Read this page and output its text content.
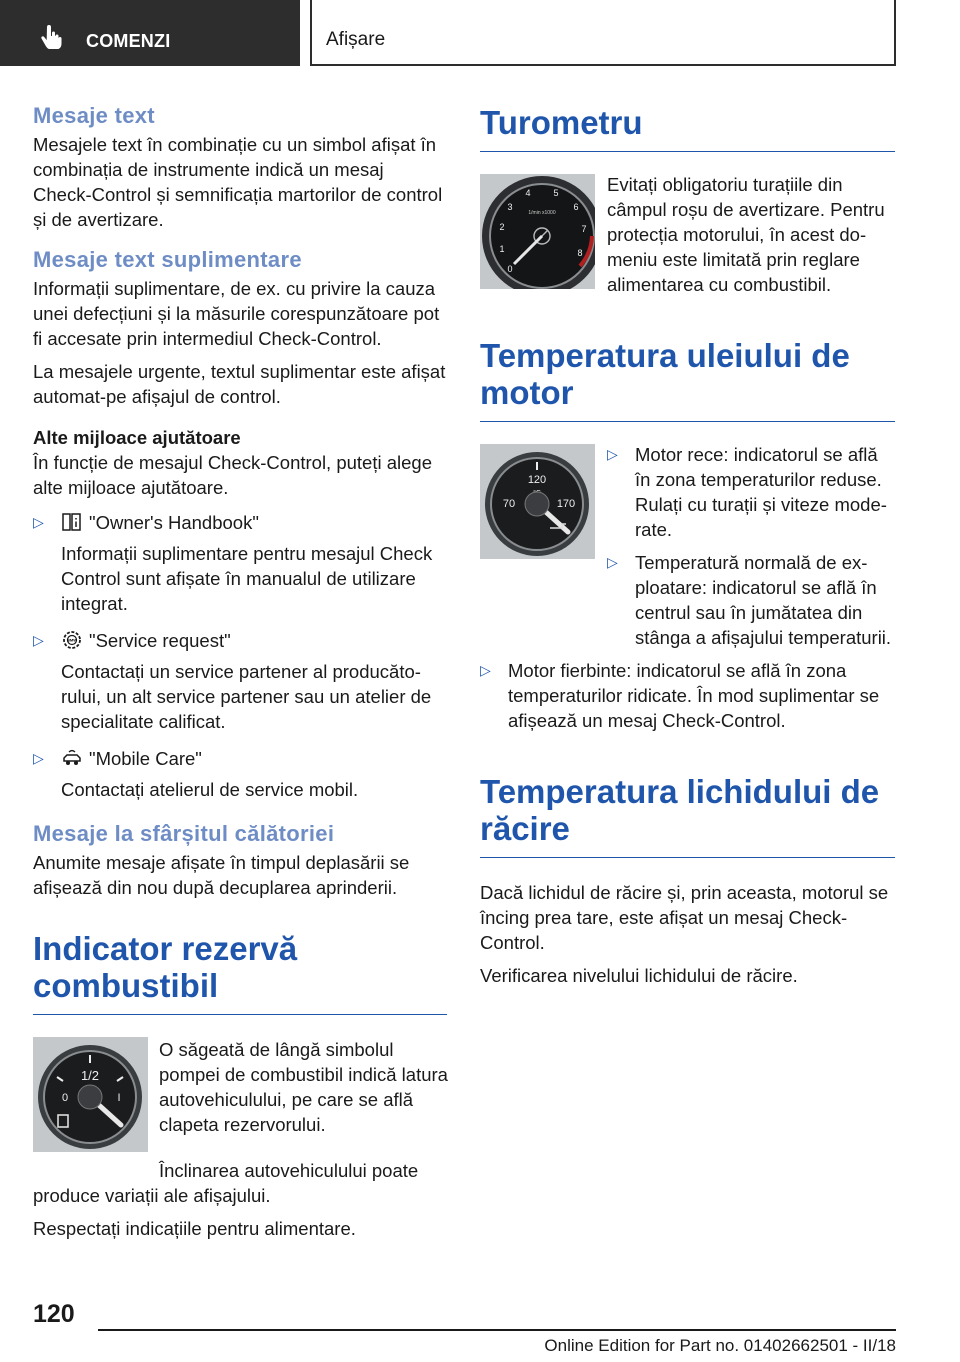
COMENZI	Afișare
Mesaje text

Mesajele text în combinație cu un simbol afișat în combinația de instrumente indică un mesaj Check-Control și semnificația martorilor de control și de avertizare.

Mesaje text suplimentare

Informații suplimentare, de ex. cu privire la cauza unei defecțiuni și la măsurile corespunzătoare pot fi accesate prin intermediul Check-Control.

La mesajele urgente, textul suplimentar este afișat automat-pe afișajul de control.

Alte mijloace ajutătoare

În funcție de mesajul Check-Control, puteți alege alte mijloace ajutătoare.

▷ "Owner's Handbook"
Informații suplimentare pentru mesajul Check Control sunt afișate în manualul de utilizare integrat.
▷	BMW "Service request"
Contactați un service partener al producătorului, un alt service partener sau un atelier de specialitate calificat.
▷ "Mobile Care"
Contactați atelierul de service mobil.
Mesaje la sfârșitul călătoriei

Anumite mesaje afișate în timpul deplasării se afișează din nou după decuplarea aprinderii.

Indicator rezervă combustibil
1/2
0	I
O săgeată de lângă simbolul pompei de combustibil indică latura autovehiculului, pe care se află clapeta rezervorului.

Înclinarea autovehiculului poate produce variații ale afișajului.

Respectați indicațiile pentru alimentare.

Turometru
3
2
1
0
4	5
6
7
8
1/min x1000
Evitați obligatoriu turațiile din câmpul roșu de avertizare. Pentru protecția motorului, în acest domeniu este limitată prin reglare alimentarea cu combustibil.
Temperatura uleiului de motor
120
70	170
▷ Motor rece: indicatorul se află în zona temperaturilor reduse. Rulați cu turații și viteze moderate.
▷ Temperatură normală de exploatare: indicatorul se află în centrul sau în jumătatea din stânga a afișajului temperaturii.
▷ Motor fierbinte: indicatorul se află în zona temperaturilor ridicate. În mod suplimentar se afișează un mesaj Check-Control.
Temperatura lichidului de răcire

Dacă lichidul de răcire și, prin aceasta, motorul se încing prea tare, este afișat un mesaj Check-Control.

Verificarea nivelului lichidului de răcire.

120
Online Edition for Part no. 01402662501 - II/18
